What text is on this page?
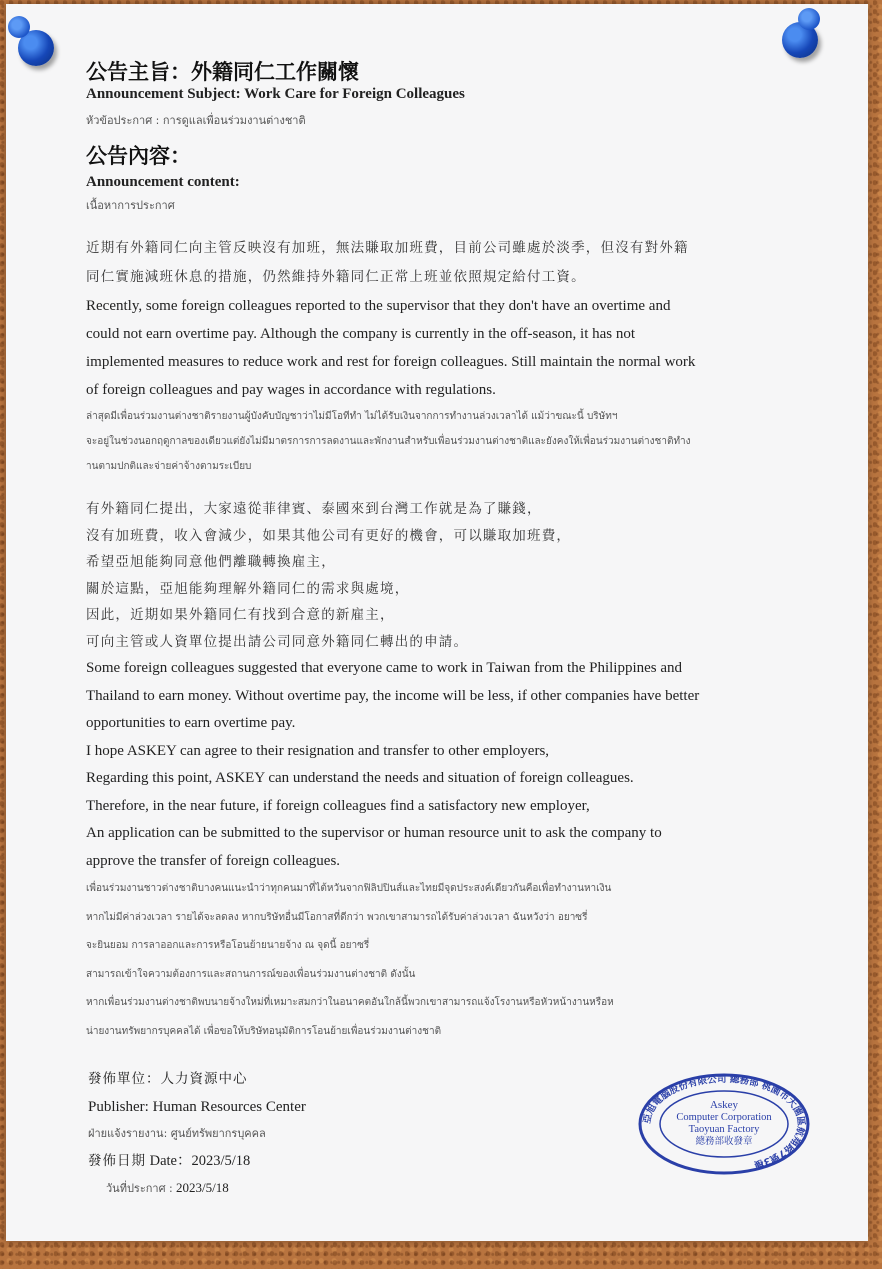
公告主旨：外籍同仁工作關懷
Announcement Subject: Work Care for Foreign Colleagues
หัวข้อประกาศ : การดูแลเพื่อนร่วมงานต่างชาติ
公告內容：
Announcement content:
เนื้อหาการประกาศ
近期有外籍同仁向主管反映沒有加班，無法賺取加班費，目前公司雖處於淡季，但沒有對外籍
同仁實施減班休息的措施，仍然維持外籍同仁正常上班並依照規定給付工資。
Recently, some foreign colleagues reported to the supervisor that they don't have an overtime and
could not earn overtime pay. Although the company is currently in the off-season, it has not
implemented measures to reduce work and rest for foreign colleagues. Still maintain the normal work
of foreign colleagues and pay wages in accordance with regulations.
ล่าสุดมีเพื่อนร่วมงานต่างชาติรายงานผู้บังคับบัญชาว่าไม่มีโอทีทำ ไม่ได้รับเงินจากการทำงานล่วงเวลาได้ แม้ว่าขณะนี้ บริษัทฯ
จะอยู่ในช่วงนอกฤดูกาลของเดียวแต่ยังไม่มีมาตรการการลดงานและพักงานสำหรับเพื่อนร่วมงานต่างชาติและยังคงให้เพื่อนร่วมงานต่างชาติทำง
านตามปกติและจ่ายค่าจ้างตามระเบียบ
有外籍同仁提出，大家遠從菲律賓、泰國來到台灣工作就是為了賺錢，
沒有加班費，收入會減少，如果其他公司有更好的機會，可以賺取加班費，
希望亞旭能夠同意他們離職轉換雇主，
關於這點，亞旭能夠理解外籍同仁的需求與處境，
因此，近期如果外籍同仁有找到合意的新雇主，
可向主管或人資單位提出請公司同意外籍同仁轉出的申請。
Some foreign colleagues suggested that everyone came to work in Taiwan from the Philippines and
Thailand to earn money. Without overtime pay, the income will be less, if other companies have better
opportunities to earn overtime pay.
I hope ASKEY can agree to their resignation and transfer to other employers,
Regarding this point, ASKEY can understand the needs and situation of foreign colleagues.
Therefore, in the near future, if foreign colleagues find a satisfactory new employer,
An application can be submitted to the supervisor or human resource unit to ask the company to
approve the transfer of foreign colleagues.
เพื่อนร่วมงานชาวต่างชาติบางคนแนะนำว่าทุกคนมาที่ไต้หวันจากฟิลิปปินส์และไทยมีจุดประสงค์เดียวกันคือเพื่อทำงานหาเงิน
หากไม่มีค่าล่วงเวลา รายได้จะลดลง หากบริษัทอื่นมีโอกาสที่ดีกว่า พวกเขาสามารถได้รับค่าล่วงเวลา ฉันหวังว่า อยาซรี่
จะยินยอม การลาออกและการหรือโอนย้ายนายจ้าง ณ จุดนี้ อยาซรี่
สามารถเข้าใจความต้องการและสถานการณ์ของเพื่อนร่วมงานต่างชาติ ดังนั้น
หากเพื่อนร่วมงานต่างชาติพบนายจ้างใหม่ที่เหมาะสมกว่าในอนาคตอันใกล้นี้พวกเขาสามารถแจ้งโรงานหรือหัวหน้างานหรือห
น่ายงานทรัพยากรบุคคลได้ เพื่อขอให้บริษัทอนุมัติการโอนย้ายเพื่อนร่วมงานต่างชาติ
發佈單位：人力資源中心
Publisher: Human Resources Center
ฝ่ายแจ้งรายงาน: ศูนย์ทรัพยากรบุคคล
發佈日期 Date：2023/5/18
วันที่ประกาศ : 2023/5/18
亞旭電腦股份有限公司 總務部 桃園市大園區航翔路7號3樓
Askey
Computer Corporation
Taoyuan Factory
總務部收發章
